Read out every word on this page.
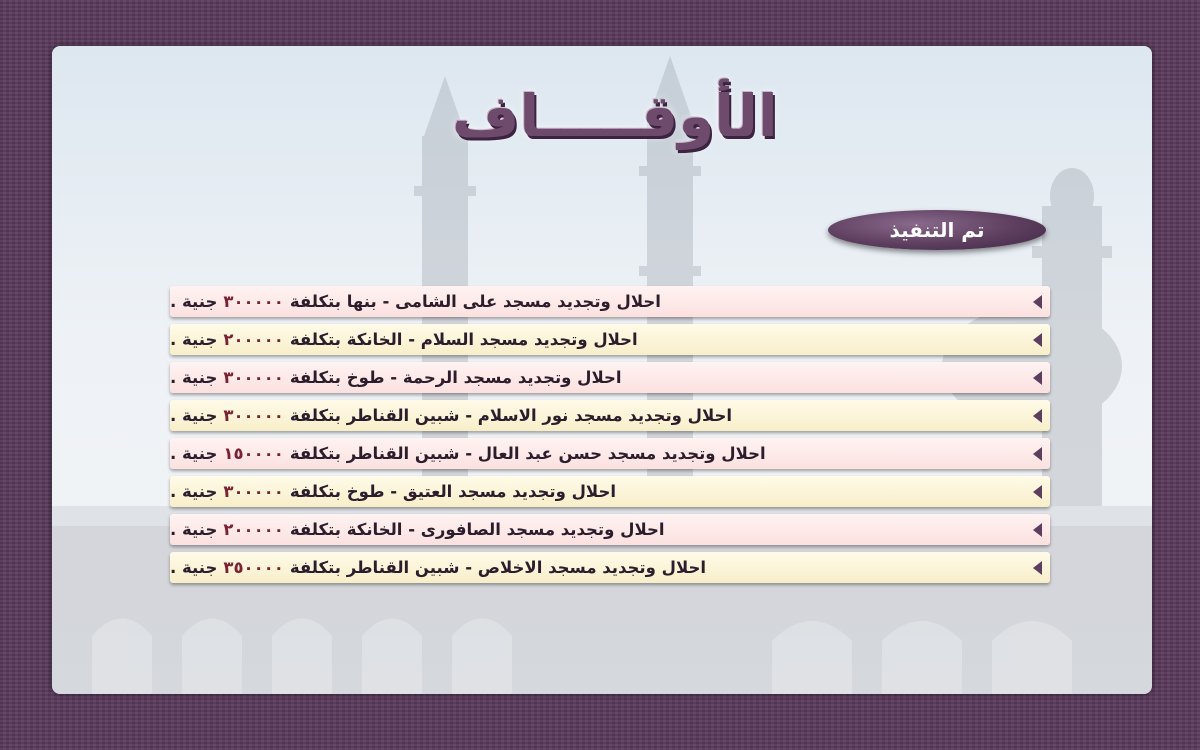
الأوقـــــاف
تم التنفيذ
احلال وتجديد مسجد على الشامى - بنها بتكلفة٣٠٠٠٠٠جنية .
احلال وتجديد مسجد السلام - الخانكة بتكلفة٢٠٠٠٠٠جنية .
احلال وتجديد مسجد الرحمة - طوخ بتكلفة٣٠٠٠٠٠جنية .
احلال وتجديد مسجد نور الاسلام - شبين القناطر بتكلفة٣٠٠٠٠٠جنية .
احلال وتجديد مسجد حسن عبد العال - شبين القناطر بتكلفة١٥٠٠٠٠جنية .
احلال وتجديد مسجد العتيق - طوخ بتكلفة٣٠٠٠٠٠جنية .
احلال وتجديد مسجد الصافورى - الخانكة بتكلفة٢٠٠٠٠٠جنية .
احلال وتجديد مسجد الاخلاص - شبين القناطر بتكلفة٣٥٠٠٠٠جنية .
